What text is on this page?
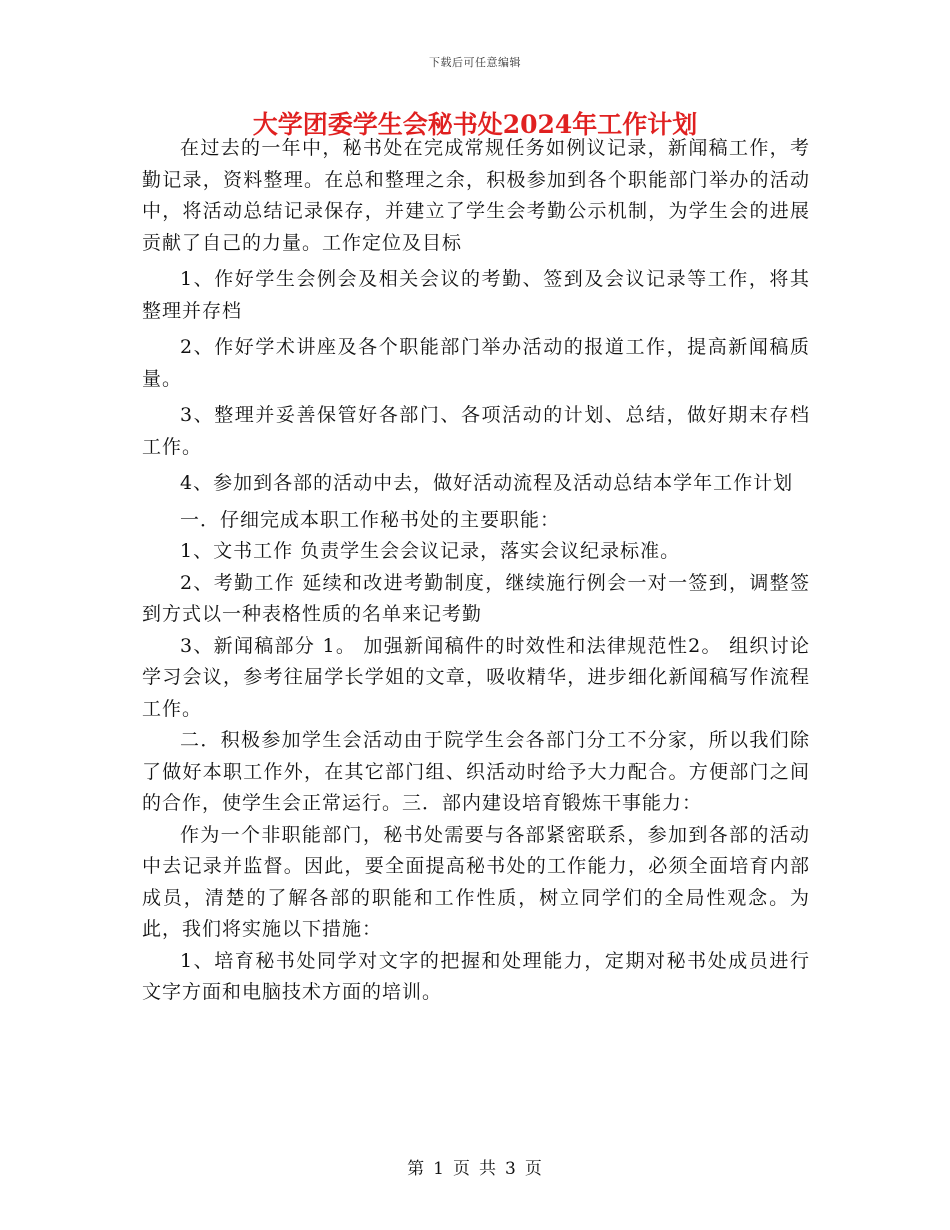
下载后可任意编辑
大学团委学生会秘书处2024年工作计划

在过去的一年中，秘书处在完成常规任务如例议记录，新闻稿工作，考勤记录，资料整理。在总和整理之余，积极参加到各个职能部门举办的活动中，将活动总结记录保存，并建立了学生会考勤公示机制，为学生会的进展贡献了自己的力量。工作定位及目标

1、作好学生会例会及相关会议的考勤、签到及会议记录等工作，将其整理并存档

2、作好学术讲座及各个职能部门举办活动的报道工作，提高新闻稿质量。

3、整理并妥善保管好各部门、各项活动的计划、总结，做好期末存档工作。

4、参加到各部的活动中去，做好活动流程及活动总结本学年工作计划

一．仔细完成本职工作秘书处的主要职能：

1、文书工作 负责学生会会议记录，落实会议纪录标准。

2、考勤工作 延续和改进考勤制度，继续施行例会一对一签到，调整签到方式以一种表格性质的名单来记考勤

3、新闻稿部分 1。 加强新闻稿件的时效性和法律规范性2。 组织讨论学习会议，参考往届学长学姐的文章，吸收精华，进步细化新闻稿写作流程工作。

二．积极参加学生会活动由于院学生会各部门分工不分家，所以我们除了做好本职工作外，在其它部门组、织活动时给予大力配合。方便部门之间的合作，使学生会正常运行。三．部内建设培育锻炼干事能力：

作为一个非职能部门，秘书处需要与各部紧密联系，参加到各部的活动中去记录并监督。因此，要全面提高秘书处的工作能力，必须全面培育内部成员，清楚的了解各部的职能和工作性质，树立同学们的全局性观念。为此，我们将实施以下措施：

1、培育秘书处同学对文字的把握和处理能力，定期对秘书处成员进行文字方面和电脑技术方面的培训。

第 1 页 共 3 页
